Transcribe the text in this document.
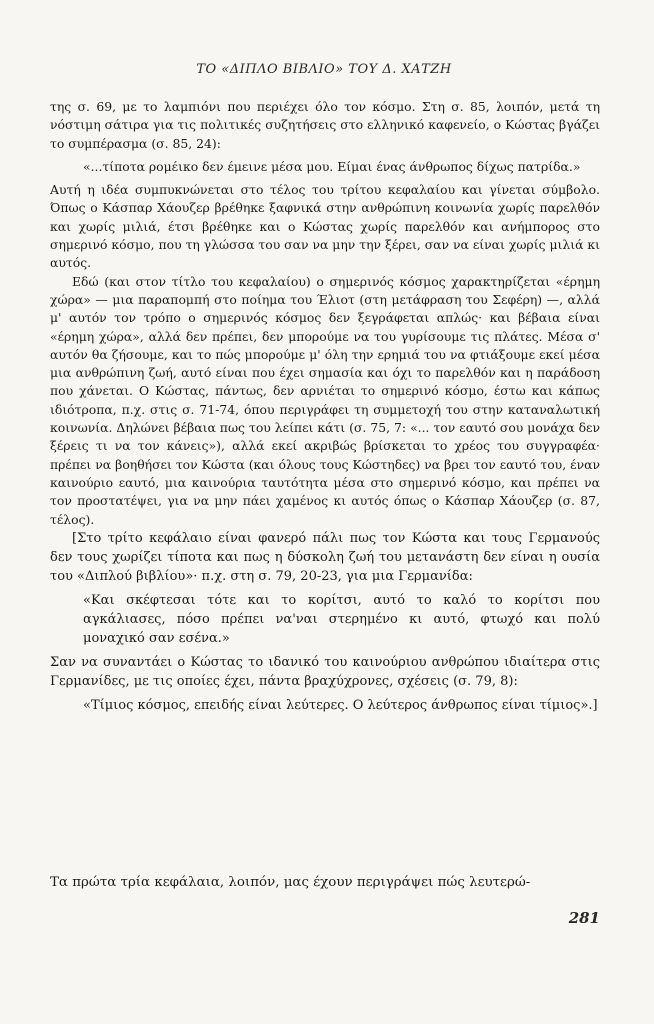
ΤΟ «ΔΙΠΛΟ ΒΙΒΛΙΟ» ΤΟΥ Δ. ΧΑΤΖΗ

της σ. 69, με το λαμπιόνι που περιέχει όλο τον κόσμο. Στη σ. 85, λοιπόν, μετά τη νόστιμη σάτιρα για τις πολιτικές συζητήσεις στο ελληνικό καφενείο, ο Κώστας βγάζει το συμπέρασμα (σ. 85, 24):

«...τίποτα ρομέικο δεν έμεινε μέσα μου. Είμαι ένας άνθρωπος δίχως πατρίδα.»

Αυτή η ιδέα συμπυκνώνεται στο τέλος του τρίτου κεφαλαίου και γίνεται σύμβολο. Όπως ο Κάσπαρ Χάουζερ βρέθηκε ξαφνικά στην ανθρώπινη κοινωνία χωρίς παρελθόν και χωρίς μιλιά, έτσι βρέθηκε και ο Κώστας χωρίς παρελθόν και ανήμπορος στο σημερινό κόσμο, που τη γλώσσα του σαν να μην την ξέρει, σαν να είναι χωρίς μιλιά κι αυτός.

Εδώ (και στον τίτλο του κεφαλαίου) ο σημερινός κόσμος χαρακτηρίζεται «έρημη χώρα» — μια παραπομπή στο ποίημα του Έλιοτ (στη μετάφραση του Σεφέρη) —, αλλά μ' αυτόν τον τρόπο ο σημερινός κόσμος δεν ξεγράφεται απλώς· και βέβαια είναι «έρημη χώρα», αλλά δεν πρέπει, δεν μπορούμε να του γυρίσουμε τις πλάτες. Μέσα σ' αυτόν θα ζήσουμε, και το πώς μπορούμε μ' όλη την ερημιά του να φτιάξουμε εκεί μέσα μια ανθρώπινη ζωή, αυτό είναι που έχει σημασία και όχι το παρελθόν και η παράδοση που χάνεται. Ο Κώστας, πάντως, δεν αρνιέται το σημερινό κόσμο, έστω και κάπως ιδιότροπα, π.χ. στις σ. 71-74, όπου περιγράφει τη συμμετοχή του στην καταναλωτική κοινωνία. Δηλώνει βέβαια πως του λείπει κάτι (σ. 75, 7: «... τον εαυτό σου μονάχα δεν ξέρεις τι να τον κάνεις»), αλλά εκεί ακριβώς βρίσκεται το χρέος του συγγραφέα· πρέπει να βοηθήσει τον Κώστα (και όλους τους Κώστηδες) να βρει τον εαυτό του, έναν καινούριο εαυτό, μια καινούρια ταυτότητα μέσα στο σημερινό κόσμο, και πρέπει να τον προστατέψει, για να μην πάει χαμένος κι αυτός όπως ο Κάσπαρ Χάουζερ (σ. 87, τέλος).

[Στο τρίτο κεφάλαιο είναι φανερό πάλι πως τον Κώστα και τους Γερμανούς δεν τους χωρίζει τίποτα και πως η δύσκολη ζωή του μετανάστη δεν είναι η ουσία του «Διπλού βιβλίου»· π.χ. στη σ. 79, 20-23, για μια Γερμανίδα:

«Και σκέφτεσαι τότε και το κορίτσι, αυτό το καλό το κορίτσι που αγκάλιασες, πόσο πρέπει να'ναι στερημένο κι αυτό, φτωχό και πολύ μοναχικό σαν εσένα.»

Σαν να συναντάει ο Κώστας το ιδανικό του καινούριου ανθρώπου ιδιαίτερα στις Γερμανίδες, με τις οποίες έχει, πάντα βραχύχρονες, σχέσεις (σ. 79, 8):

«Τίμιος κόσμος, επειδής είναι λεύτερες. Ο λεύτερος άνθρωπος είναι τίμιος».]

Τα πρώτα τρία κεφάλαια, λοιπόν, μας έχουν περιγράψει πώς λευτερώ-

281
